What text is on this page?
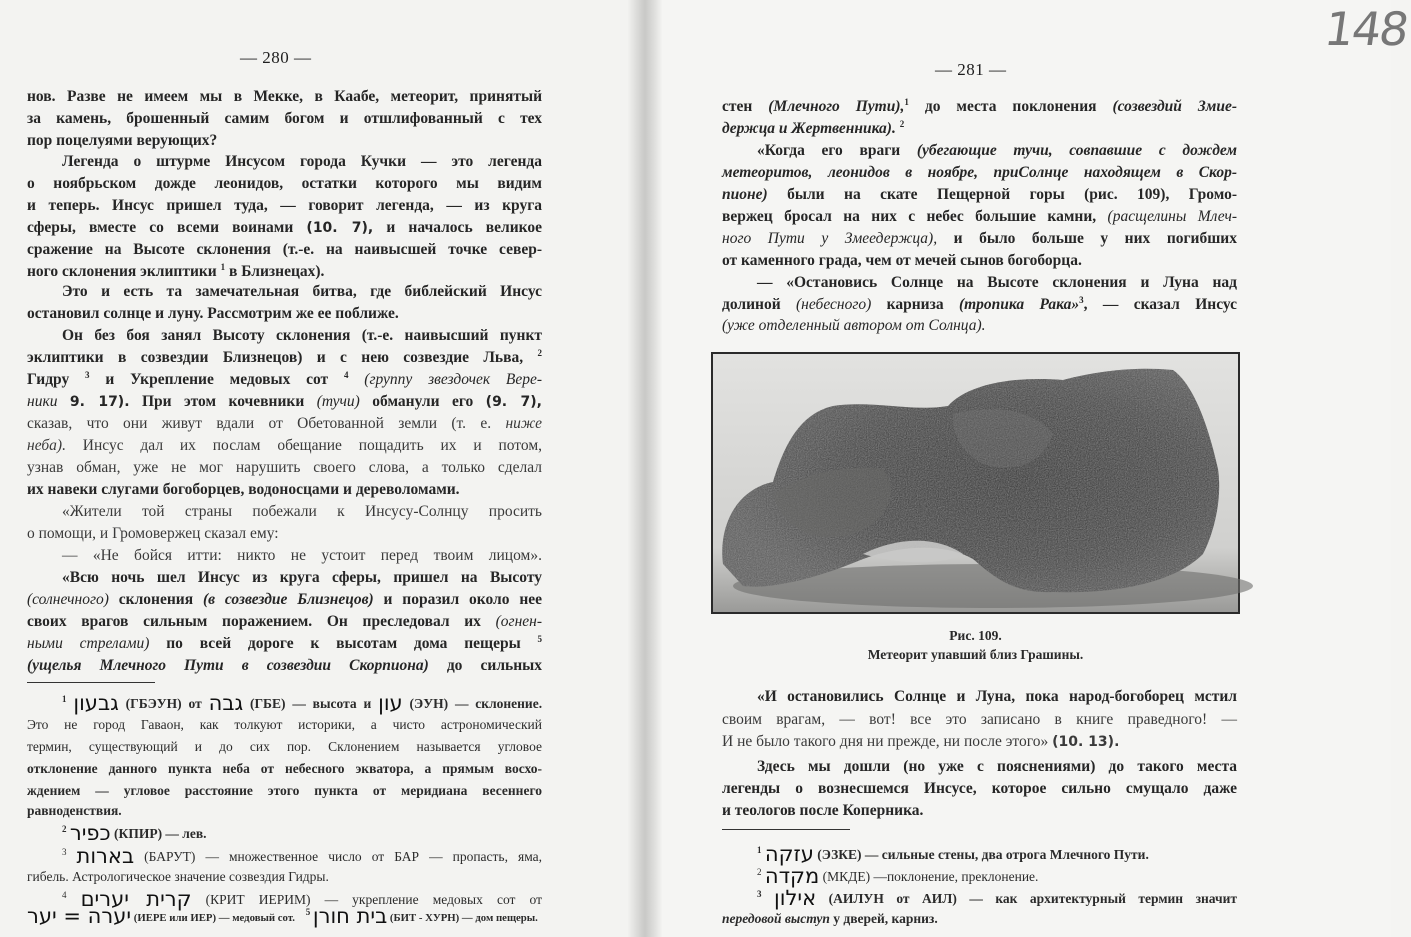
148
— 280 —
нов. Разве не имеем мы в Мекке, в Каабе, метеорит, принятый
за камень, брошенный самим богом и отшлифованный с тех
пор поцелуями верующих?
Легенда о штурме Инсусом города Кучки — это легенда
о ноябрьском дожде леонидов, остатки которого мы видим
и теперь. Инсус пришел туда, — говорит легенда, — из круга
сферы, вместе со всеми воинами (10. 7), и началось великое
сражение на Высоте склонения (т.-е. на наивысшей точке север-
ного склонения эклиптики $^1$ в Близнецах).
Это и есть та замечательная битва, где библейский Инсус
остановил солнце и луну. Рассмотрим же ее поближе.
Он без боя занял Высоту склонения (т.-е. наивысший пункт
эклиптики в созвездии Близнецов) и с нею созвездие Льва, $^2$
Гидру $^3$ и Укрепление медовых сот $^4$ (группу звездочек Вере-
ники 9. 17). При этом кочевники (тучи) обманули его (9. 7),
сказав, что они живут вдали от Обетованной земли (т. е. ниже
неба). Инсус дал их послам обещание пощадить их и потом,
узнав обман, уже не мог нарушить своего слова, а только сделал
их навеки слугами богоборцев, водоносцами и дереволомами.
«Жители той страны побежали к Инсусу-Солнцу просить
о помощи, и Громовержец сказал ему:
— «Не бойся итти: никто не устоит перед твоим лицом».
«Всю ночь шел Инсус из круга сферы, пришел на Высоту
(солнечного) склонения (в созвездие Близнецов) и поразил около нее
своих врагов сильным поражением. Он преследовал их (огнен-
ными стрелами) по всей дороге к высотам дома пещеры $^5$
(ущелья Млечного Пути в созвездии Скорпиона) до сильных
$^1$ גבעון (ГБЭУН) от גבה (ГБЕ) — высота и עון (ЭУН) — склонение.
Это не город Гаваон, как толкуют историки, а чисто астрономический
термин, существующий и до сих пор. Склонением называется угловое
отклонение данного пункта неба от небесного экватора, а прямым восхо-
ждением — угловое расстояние этого пункта от меридиана весеннего
равноденствия.
$^2$ כפיר (КПИР) — лев.
$^3$ בארות (БАРУТ) — множественное число от БАР — пропасть, яма,
гибель. Астрологическое значение созвездия Гидры.
$^4$ קרית יערים (КРИТ ИЕРИМ) — укрепление медовых сот от
יערה = יער (ИЕРЕ или ИЕР) — медовый сот. $^5$ בית חורן (БИТ - ХУРН) — дом пещеры.
— 281 —
стен (Млечного Пути),$^1$ до места поклонения (созвездий Змие-
держца и Жертвенника). $^2$
«Когда его враги (убегающие тучи, совпавшие с дождем
метеоритов, леонидов в ноябре, приСолнце находящем в Скор-
пионе) были на скате Пещерной горы (рис. 109), Громо-
вержец бросал на них с небес большие камни, (расщелины Млеч-
ного Пути у Змеедержца), и было больше у них погибших
от каменного града, чем от мечей сынов богоборца.
— «Остановись Солнце на Высоте склонения и Луна над
долиной (небесного) карниза (тропика Рака»$^3$, — сказал Инсус
(уже отделенный автором от Солнца).
Рис. 109.
Метеорит упавший близ Грашины.
«И остановились Солнце и Луна, пока народ-богоборец мстил
своим врагам, — вот! все это записано в книге праведного! —
И не было такого дня ни прежде, ни после этого» (10. 13).
Здесь мы дошли (но уже с пояснениями) до такого места
легенды о вознесшемся Инсусе, которое сильно смущало даже
и теологов после Коперника.
$^1$ עזקה (ЭЗКЕ) — сильные стены, два отрога Млечного Пути.
$^2$ מקדה (МКДЕ) —поклонение, преклонение.
$^3$ אילון (АИЛУН от АИЛ) — как архитектурный термин значит
передовой выступ у дверей, карниз.
